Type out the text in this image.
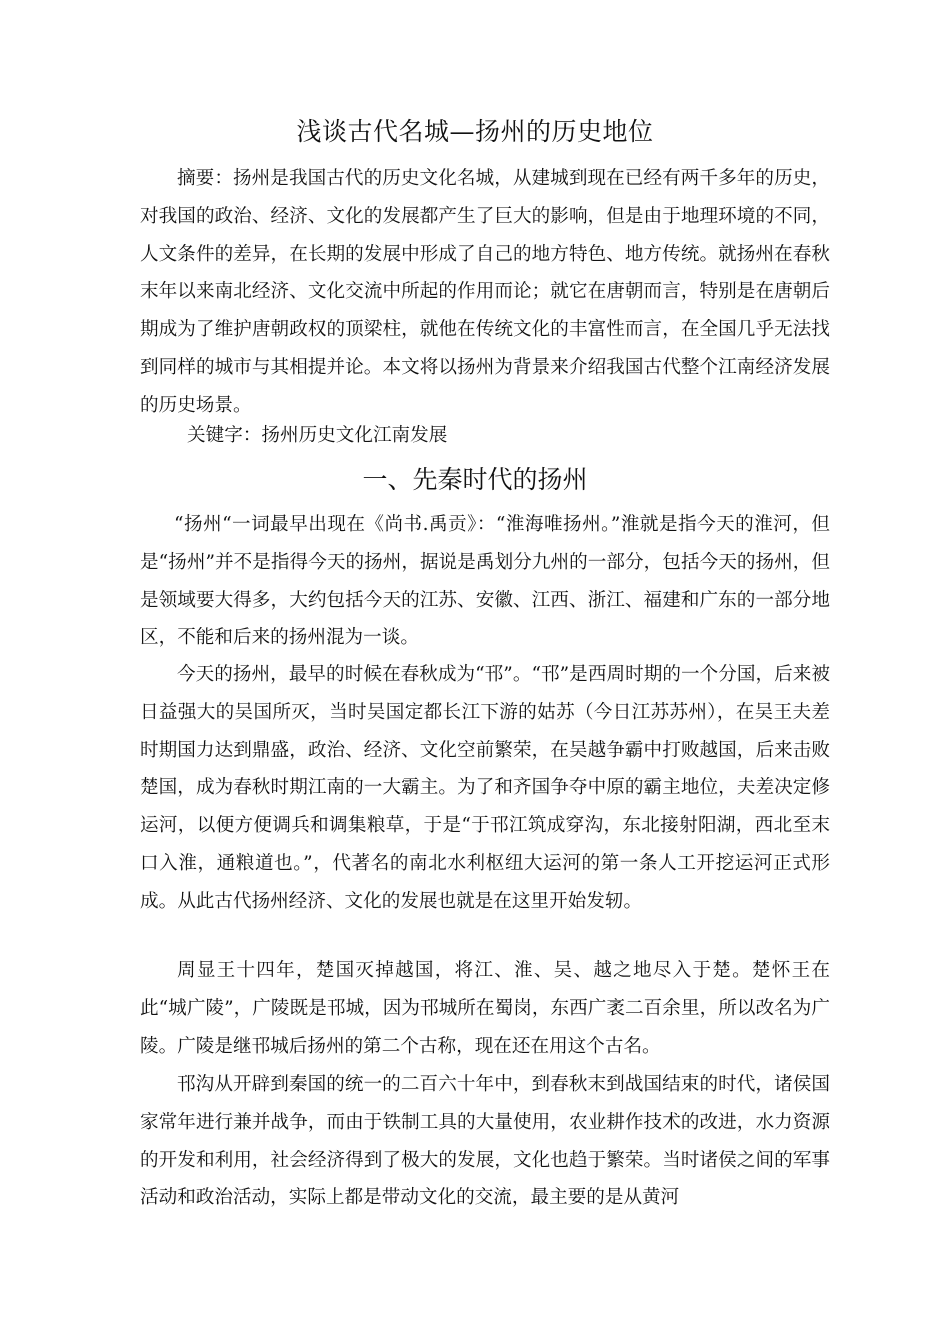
浅谈古代名城—扬州的历史地位

摘要：扬州是我国古代的历史文化名城，从建城到现在已经有两千多年的历史，对我国的政治、经济、文化的发展都产生了巨大的影响，但是由于地理环境的不同，人文条件的差异，在长期的发展中形成了自己的地方特色、地方传统。就扬州在春秋末年以来南北经济、文化交流中所起的作用而论；就它在唐朝而言，特别是在唐朝后期成为了维护唐朝政权的顶梁柱，就他在传统文化的丰富性而言，在全国几乎无法找到同样的城市与其相提并论。本文将以扬州为背景来介绍我国古代整个江南经济发展的历史场景。

关键字：扬州历史文化江南发展
一、先秦时代的扬州

“扬州“一词最早出现在《尚书.禹贡》：“淮海唯扬州。”淮就是指今天的淮河，但是“扬州”并不是指得今天的扬州，据说是禹划分九州的一部分，包括今天的扬州，但是领域要大得多，大约包括今天的江苏、安徽、江西、浙江、福建和广东的一部分地区，不能和后来的扬州混为一谈。

今天的扬州，最早的时候在春秋成为“邗”。“邗”是西周时期的一个分国，后来被日益强大的吴国所灭，当时吴国定都长江下游的姑苏（今日江苏苏州），在吴王夫差时期国力达到鼎盛，政治、经济、文化空前繁荣，在吴越争霸中打败越国，后来击败楚国，成为春秋时期江南的一大霸主。为了和齐国争夺中原的霸主地位，夫差决定修运河，以便方便调兵和调集粮草，于是“于邗江筑成穿沟，东北接射阳湖，西北至末口入淮，通粮道也。”，代著名的南北水利枢纽大运河的第一条人工开挖运河正式形成。从此古代扬州经济、文化的发展也就是在这里开始发轫。

周显王十四年，楚国灭掉越国，将江、淮、吴、越之地尽入于楚。楚怀王在此“城广陵”，广陵既是邗城，因为邗城所在蜀岗，东西广袤二百余里，所以改名为广陵。广陵是继邗城后扬州的第二个古称，现在还在用这个古名。

邗沟从开辟到秦国的统一的二百六十年中，到春秋末到战国结束的时代，诸侯国家常年进行兼并战争，而由于铁制工具的大量使用，农业耕作技术的改进，水力资源的开发和利用，社会经济得到了极大的发展，文化也趋于繁荣。当时诸侯之间的军事活动和政治活动，实际上都是带动文化的交流，最主要的是从黄河
